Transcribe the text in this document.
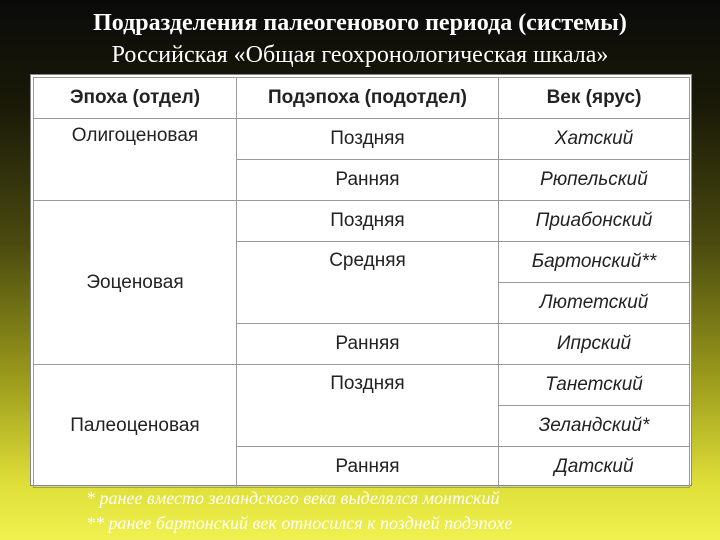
Подразделения палеогенового периода (системы)
Российская «Общая геохронологическая шкала»
Эпоха (отдел)	Подэпоха (подотдел)	Век (ярус)
Олигоценовая	Поздняя	Хатский
	Ранняя	Рюпельский
Эоценовая	Поздняя	Приабонский
	Средняя	Бартонский**
		Лютетский
	Ранняя	Ипрский
Палеоценовая	Поздняя	Танетский
		Зеландский*
	Ранняя	Датский
* ранее вместо зеландского века выделялся монтский
** ранее бартонский век относился к поздней подэпохе
